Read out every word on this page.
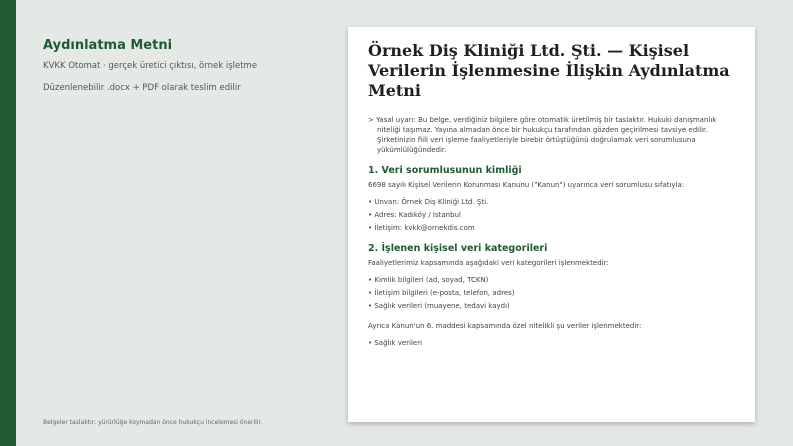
Aydınlatma Metni

KVKK Otomat · gerçek üretici çıktısı, örnek işletme

Düzenlenebilir .docx + PDF olarak teslim edilir

Belgeler taslaktır; yürürlüğe koymadan önce hukukçu incelemesi önerilir.
Örnek Diş Kliniği Ltd. Şti. — Kişisel Verilerin İşlenmesine İlişkin Aydınlatma Metni

> Yasal uyarı: Bu belge, verdiğiniz bilgilere göre otomatik üretilmiş bir taslaktır. Hukuki danışmanlık niteliği taşımaz. Yayına almadan önce bir hukukçu tarafından gözden geçirilmesi tavsiye edilir. Şirketinizin fiili veri işleme faaliyetleriyle birebir örtüştüğünü doğrulamak veri sorumlusuna yükümlülüğündedir.

1. Veri sorumlusunun kimliği

6698 sayılı Kişisel Verilerin Korunması Kanunu ("Kanun") uyarınca veri sorumlusu sıfatıyla:

• Unvan: Örnek Diş Kliniği Ltd. Şti.
• Adres: Kadıköy / İstanbul
• İletişim: kvkk@ornekdis.com
2. İşlenen kişisel veri kategorileri

Faaliyetlerimiz kapsamında aşağıdaki veri kategorileri işlenmektedir:

• Kimlik bilgileri (ad, soyad, TCKN)
• İletişim bilgileri (e-posta, telefon, adres)
• Sağlık verileri (muayene, tedavi kaydı)

Ayrıca Kanun'un 6. maddesi kapsamında özel nitelikli şu veriler işlenmektedir:

• Sağlık verileri
